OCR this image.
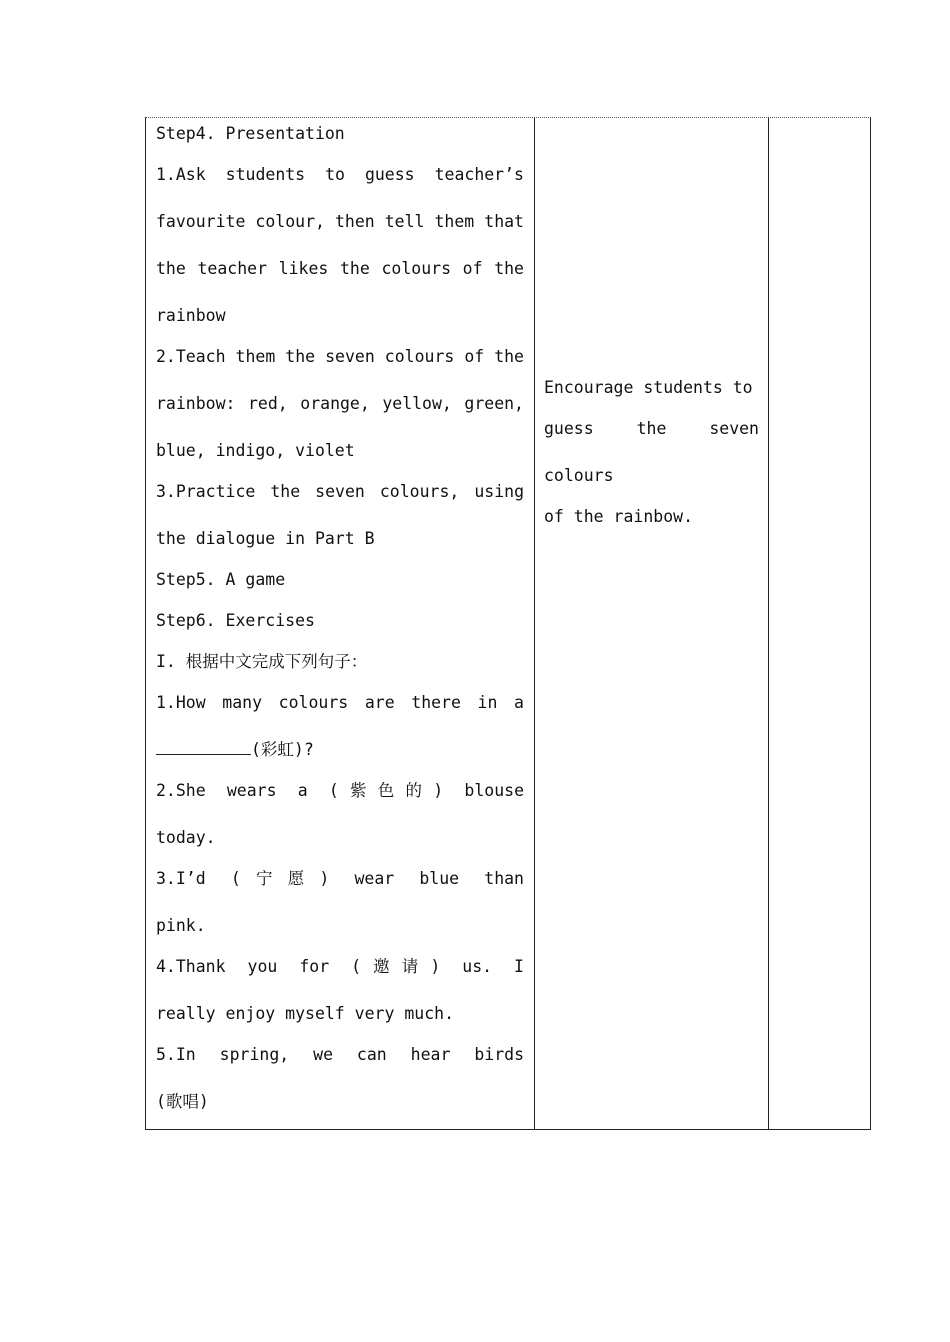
Step4. Presentation

1.Ask students to guess teacher’s

favourite colour, then tell them that

the teacher likes the colours of the

rainbow

2.Teach them the seven colours of the

rainbow: red, orange, yellow, green,

blue, indigo, violet

3.Practice the seven colours, using

the dialogue in Part B

Step5. A game

Step6. Exercises

I. 根据中文完成下列句子：

1.How many colours are there in a

(彩虹)?

2.She wears a (紫色的) blouse

today.

3.I’d (宁愿) wear blue than

pink.

4.Thank you for (邀请) us. I

really enjoy myself very much.

5.In spring, we can hear birds

(歌唱)

Encourage students to

guess the seven

colours

of the rainbow.
